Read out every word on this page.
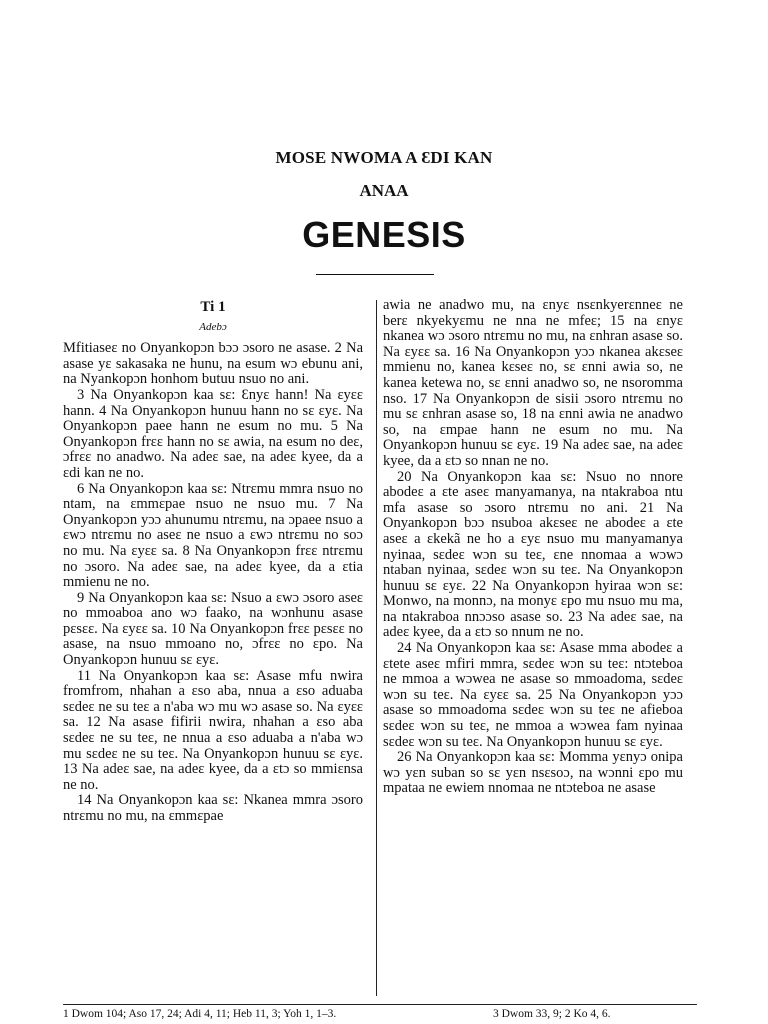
MOSE NWOMA A ƐDI KAN
ANAA
GENESIS
Ti 1
Adebɔ

Mfitiaseɛ no Onyankopɔn bɔɔ ɔsoro ne asase. 2 Na asase yɛ sakasaka ne hunu, na esum wɔ ebunu ani, na Nyankopɔn honhom butuu nsuo no ani.

3 Na Onyankopɔn kaa sɛ: Ɛnyɛ hann! Na ɛyɛɛ hann. 4 Na Onyankopɔn hunuu hann no sɛ ɛyɛ. Na Onyankopɔn paee hann ne esum no mu. 5 Na Onyankopɔn frɛɛ hann no sɛ awia, na esum no deɛ, ɔfrɛɛ no anadwo. Na adeɛ sae, na adeɛ kyee, da a ɛdi kan ne no.

6 Na Onyankopɔn kaa sɛ: Ntrɛmu mmra nsuo no ntam, na ɛmmɛpae nsuo ne nsuo mu. 7 Na Onyankopɔn yɔɔ ahunumu ntrɛmu, na ɔpaee nsuo a ɛwɔ ntrɛmu no aseɛ ne nsuo a ɛwɔ ntrɛmu no soɔ no mu. Na ɛyɛɛ sa. 8 Na Onyankopɔn frɛɛ ntrɛmu no ɔsoro. Na adeɛ sae, na adeɛ kyee, da a ɛtia mmienu ne no.

9 Na Onyankopɔn kaa sɛ: Nsuo a ɛwɔ ɔsoro aseɛ no mmoaboa ano wɔ faako, na wɔnhunu asase pɛsɛɛ. Na ɛyɛɛ sa. 10 Na Onyankopɔn frɛɛ pɛsɛɛ no asase, na nsuo mmoano no, ɔfrɛɛ no ɛpo. Na Onyankopɔn hunuu sɛ ɛyɛ.

11 Na Onyankopɔn kaa sɛ: Asase mfu nwira fromfrom, nhahan a ɛso aba, nnua a ɛso aduaba sɛdeɛ ne su teɛ a n'aba wɔ mu wɔ asase so. Na ɛyɛɛ sa. 12 Na asase fifirii nwira, nhahan a ɛso aba sɛdeɛ ne su teɛ, ne nnua a ɛso aduaba a n'aba wɔ mu sɛdeɛ ne su teɛ. Na Onyankopɔn hunuu sɛ ɛyɛ. 13 Na adeɛ sae, na adeɛ kyee, da a ɛtɔ so mmiɛnsa ne no.

14 Na Onyankopɔn kaa sɛ: Nkanea mmra ɔsoro ntrɛmu no mu, na ɛmmɛpae

awia ne anadwo mu, na ɛnyɛ nsɛnkyerɛnneɛ ne berɛ nkyekyɛmu ne nna ne mfeɛ; 15 na ɛnyɛ nkanea wɔ ɔsoro ntrɛmu no mu, na ɛnhran asase so. Na ɛyɛɛ sa. 16 Na Onyankopɔn yɔɔ nkanea akɛseɛ mmienu no, kanea kɛseɛ no, sɛ ɛnni awia so, ne kanea ketewa no, sɛ ɛnni anadwo so, ne nsoromma nso. 17 Na Onyankopɔn de sisii ɔsoro ntrɛmu no mu sɛ ɛnhran asase so, 18 na ɛnni awia ne anadwo so, na ɛmpae hann ne esum no mu. Na Onyankopɔn hunuu sɛ ɛyɛ. 19 Na adeɛ sae, na adeɛ kyee, da a ɛtɔ so nnan ne no.

20 Na Onyankopɔn kaa sɛ: Nsuo no nnore abodeɛ a ɛte aseɛ manyamanya, na ntakraboa ntu mfa asase so ɔsoro ntrɛmu no ani. 21 Na Onyankopɔn bɔɔ nsuboa akɛseɛ ne abodeɛ a ɛte aseɛ a ɛkekã ne ho a ɛyɛ nsuo mu manyamanya nyinaa, sɛdeɛ wɔn su teɛ, ɛne nnomaa a wɔwɔ ntaban nyinaa, sɛdeɛ wɔn su teɛ. Na Onyankopɔn hunuu sɛ ɛyɛ. 22 Na Onyankopɔn hyiraa wɔn sɛ: Monwo, na monnɔ, na monyɛ ɛpo mu nsuo mu ma, na ntakraboa nnɔɔso asase so. 23 Na adeɛ sae, na adeɛ kyee, da a ɛtɔ so nnum ne no.

24 Na Onyankopɔn kaa sɛ: Asase mma abodeɛ a ɛtete aseɛ mfiri mmra, sɛdeɛ wɔn su teɛ: ntɔteboa ne mmoa a wɔwea ne asase so mmoadoma, sɛdeɛ wɔn su teɛ. Na ɛyɛɛ sa. 25 Na Onyankopɔn yɔɔ asase so mmoadoma sɛdeɛ wɔn su teɛ ne afieboa sɛdeɛ wɔn su teɛ, ne mmoa a wɔwea fam nyinaa sɛdeɛ wɔn su teɛ. Na Onyankopɔn hunuu sɛ ɛyɛ.

26 Na Onyankopɔn kaa sɛ: Momma yɛnyɔ onipa wɔ yɛn suban so sɛ yɛn nsɛsoɔ, na wɔnni ɛpo mu mpataa ne ewiem nnomaa ne ntɔteboa ne asase

1 Dwom 104; Aso 17, 24; Adi 4, 11; Heb 11, 3; Yoh 1, 1–3.	3 Dwom 33, 9; 2 Ko 4, 6.
